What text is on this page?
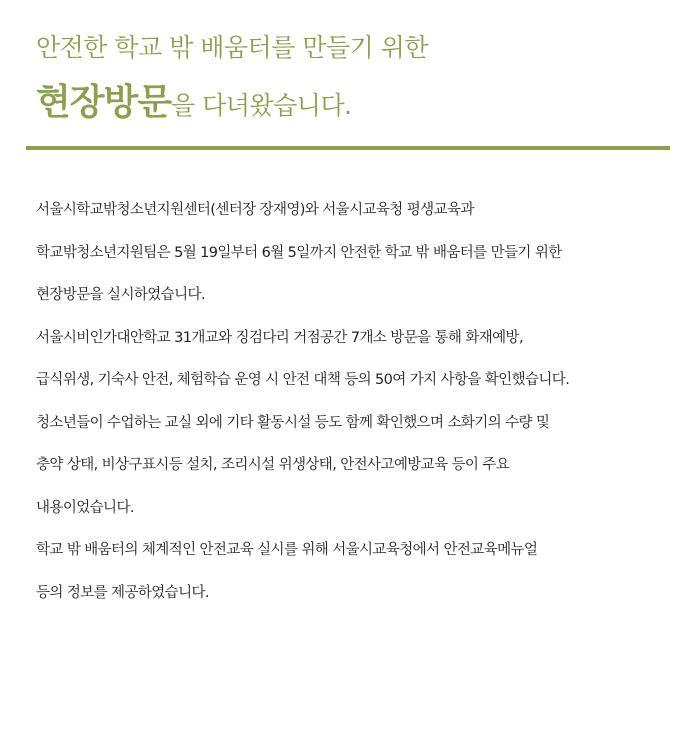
안전한 학교 밖 배움터를 만들기 위한
현장방문을 다녀왔습니다.
서울시학교밖청소년지원센터(센터장 장재영)와 서울시교육청 평생교육과
학교밖청소년지원팀은 5월 19일부터 6월 5일까지 안전한 학교 밖 배움터를 만들기 위한
현장방문을 실시하였습니다.
서울시비인가대안학교 31개교와 징검다리 거점공간 7개소 방문을 통해 화재예방,
급식위생, 기숙사 안전, 체험학습 운영 시 안전 대책 등의 50여 가지 사항을 확인했습니다.
청소년들이 수업하는 교실 외에 기타 활동시설 등도 함께 확인했으며 소화기의 수량 및
충약 상태, 비상구표시등 설치, 조리시설 위생상태, 안전사고예방교육 등이 주요
내용이었습니다.
학교 밖 배움터의 체계적인 안전교육 실시를 위해 서울시교육청에서 안전교육메뉴얼
등의 정보를 제공하였습니다.
